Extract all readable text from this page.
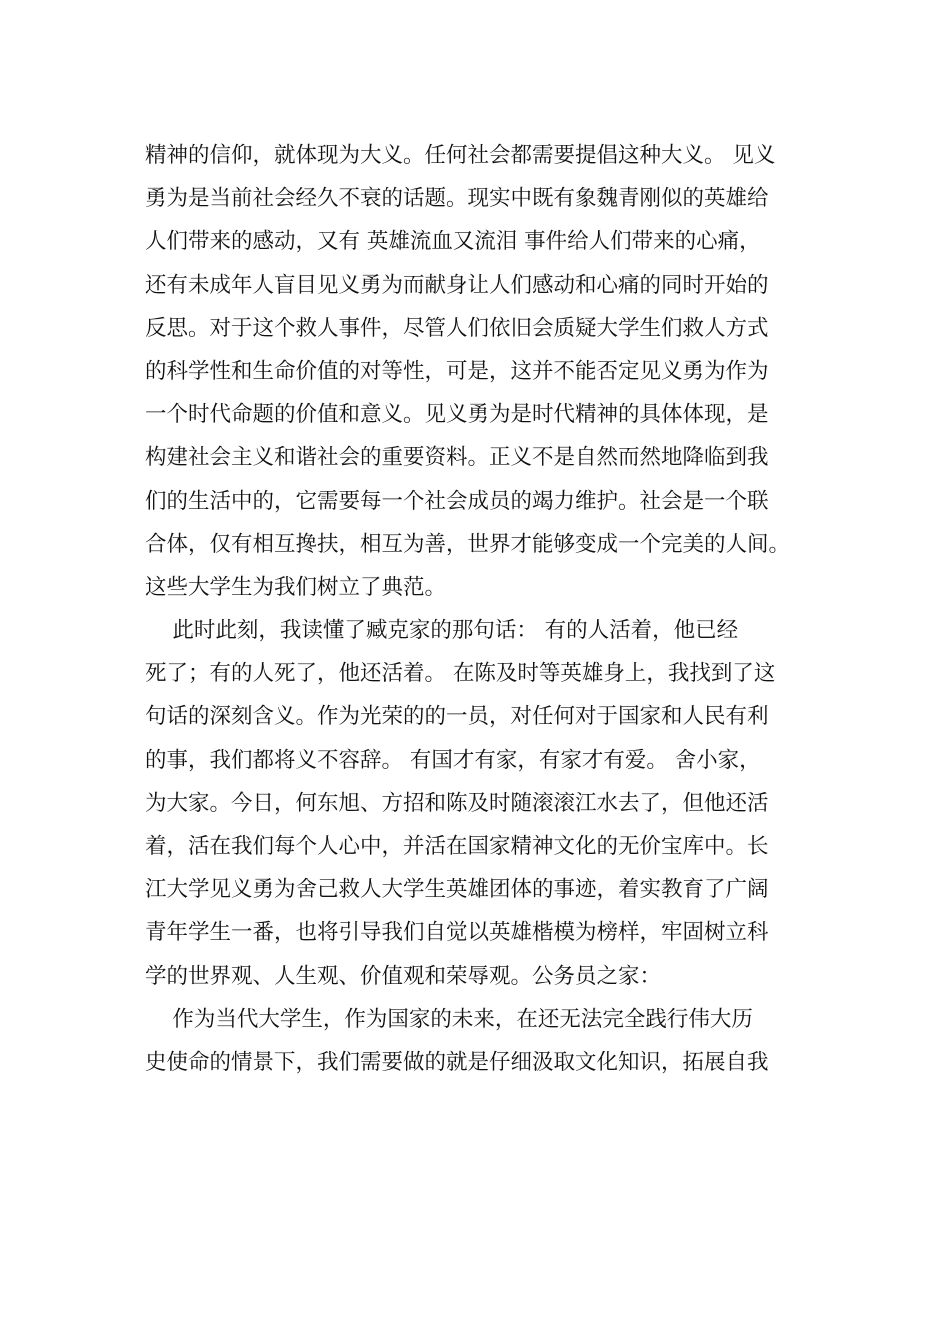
精神的信仰，就体现为大义。任何社会都需要提倡这种大义。 见义
勇为是当前社会经久不衰的话题。现实中既有象魏青刚似的英雄给
人们带来的感动，又有 英雄流血又流泪 事件给人们带来的心痛，
还有未成年人盲目见义勇为而献身让人们感动和心痛的同时开始的
反思。对于这个救人事件，尽管人们依旧会质疑大学生们救人方式
的科学性和生命价值的对等性，可是，这并不能否定见义勇为作为
一个时代命题的价值和意义。见义勇为是时代精神的具体体现，是
构建社会主义和谐社会的重要资料。正义不是自然而然地降临到我
们的生活中的，它需要每一个社会成员的竭力维护。社会是一个联
合体，仅有相互搀扶，相互为善，世界才能够变成一个完美的人间。
这些大学生为我们树立了典范。
此时此刻，我读懂了臧克家的那句话： 有的人活着，他已经
死了；有的人死了，他还活着。 在陈及时等英雄身上，我找到了这
句话的深刻含义。作为光荣的的一员，对任何对于国家和人民有利
的事，我们都将义不容辞。 有国才有家，有家才有爱。 舍小家，
为大家。今日，何东旭、方招和陈及时随滚滚江水去了，但他还活
着，活在我们每个人心中，并活在国家精神文化的无价宝库中。长
江大学见义勇为舍己救人大学生英雄团体的事迹，着实教育了广阔
青年学生一番，也将引导我们自觉以英雄楷模为榜样，牢固树立科
学的世界观、人生观、价值观和荣辱观。公务员之家：
作为当代大学生，作为国家的未来，在还无法完全践行伟大历
史使命的情景下，我们需要做的就是仔细汲取文化知识，拓展自我
